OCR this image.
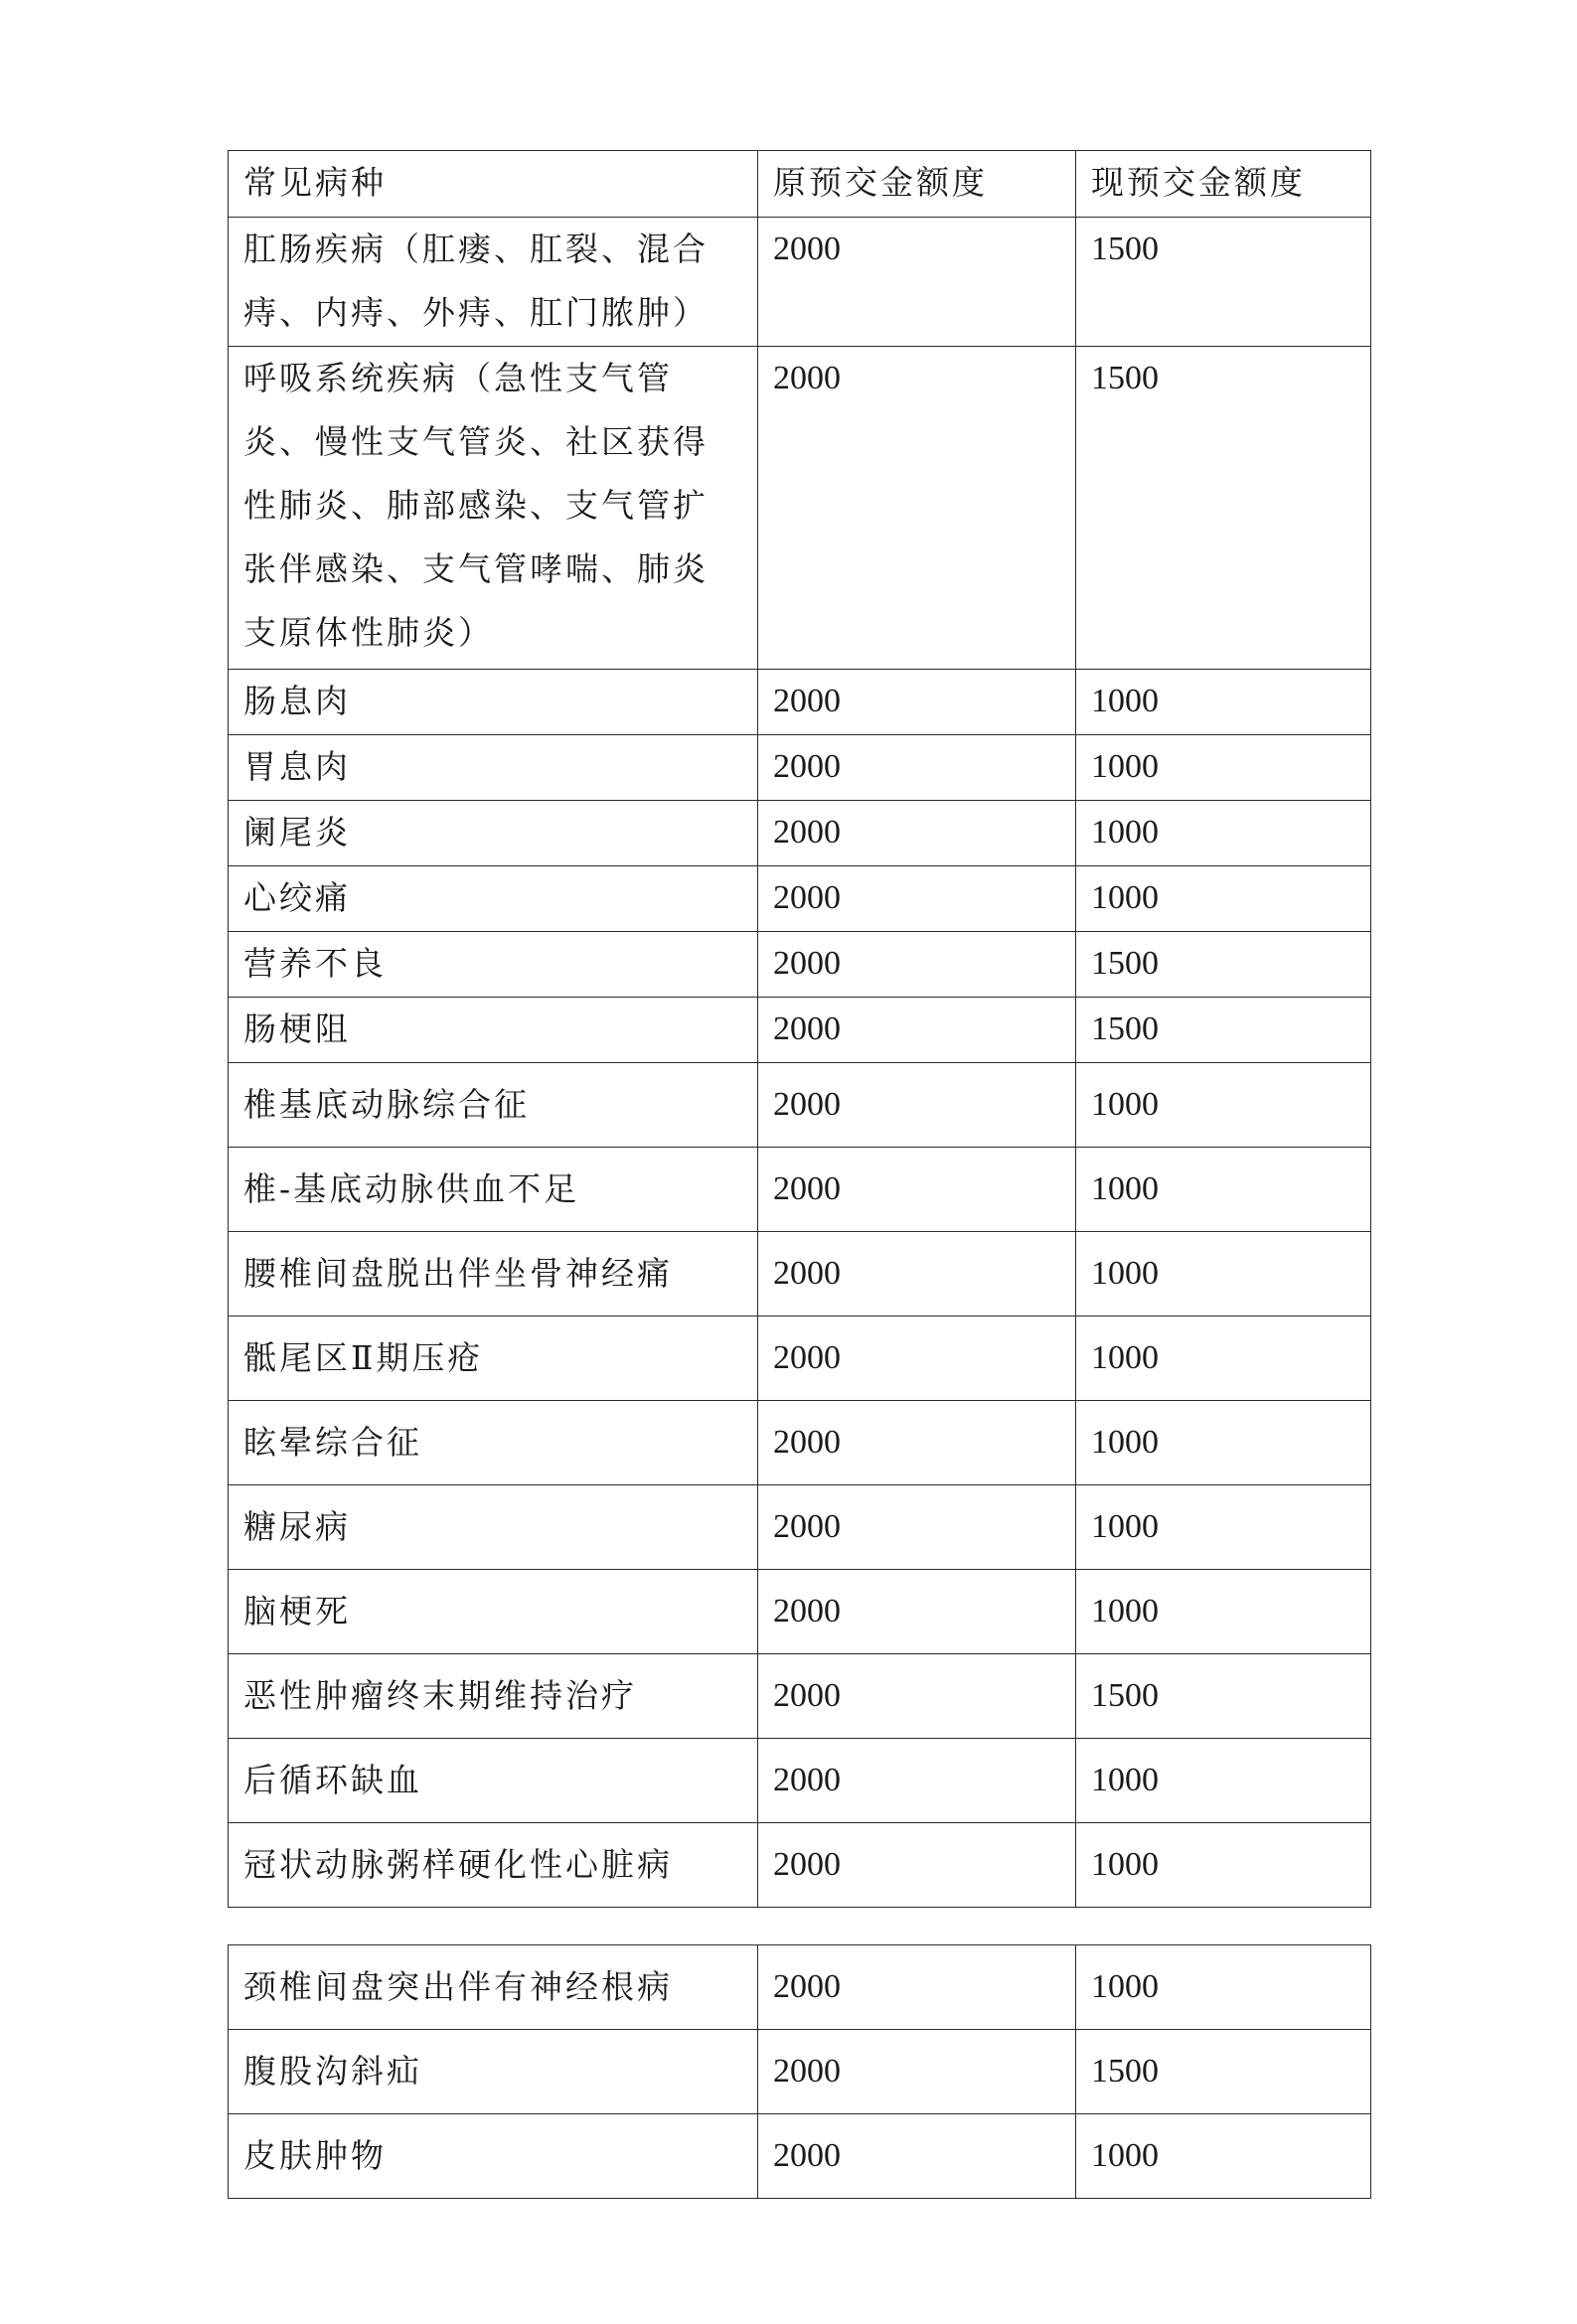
常见病种	原预交金额度	现预交金额度

肛肠疾病（肛瘘、肛裂、混合
痔、内痔、外痔、肛门脓肿）	2000	1500

呼吸系统疾病（急性支气管
炎、慢性支气管炎、社区获得
性肺炎、肺部感染、支气管扩
张伴感染、支气管哮喘、肺炎
支原体性肺炎）	2000	1500
肠息肉	2000	1000
胃息肉	2000	1000
阑尾炎	2000	1000
心绞痛	2000	1000
营养不良	2000	1500
肠梗阻	2000	1500
椎基底动脉综合征	2000	1000
椎-基底动脉供血不足	2000	1000
腰椎间盘脱出伴坐骨神经痛	2000	1000
骶尾区Ⅱ期压疮	2000	1000
眩晕综合征	2000	1000
糖尿病	2000	1000
脑梗死	2000	1000
恶性肿瘤终末期维持治疗	2000	1500
后循环缺血	2000	1000
冠状动脉粥样硬化性心脏病	2000	1000
颈椎间盘突出伴有神经根病	2000	1000
腹股沟斜疝	2000	1500
皮肤肿物	2000	1000
